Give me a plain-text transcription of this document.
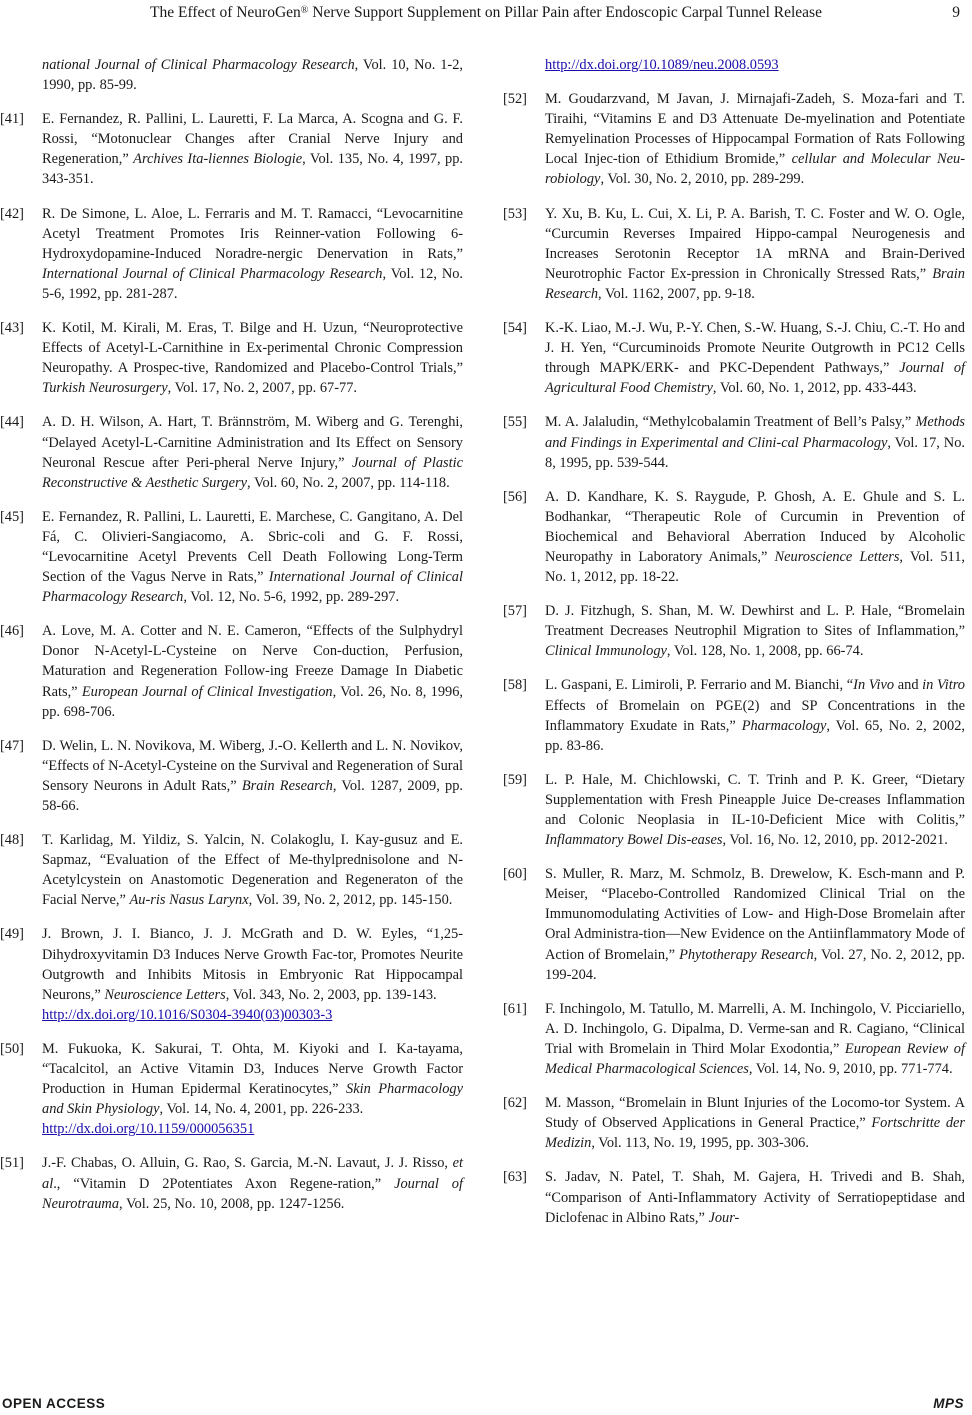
The Effect of NeuroGen® Nerve Support Supplement on Pillar Pain after Endoscopic Carpal Tunnel Release	9
national Journal of Clinical Pharmacology Research, Vol. 10, No. 1-2, 1990, pp. 85-99.
[41] E. Fernandez, R. Pallini, L. Lauretti, F. La Marca, A. Scogna and G. F. Rossi, “Motonuclear Changes after Cranial Nerve Injury and Regeneration,” Archives Ita-liennes Biologie, Vol. 135, No. 4, 1997, pp. 343-351.
[42] R. De Simone, L. Aloe, L. Ferraris and M. T. Ramacci, “Levocarnitine Acetyl Treatment Promotes Iris Reinner-vation Following 6-Hydroxydopamine-Induced Noradre-nergic Denervation in Rats,” International Journal of Clinical Pharmacology Research, Vol. 12, No. 5-6, 1992, pp. 281-287.
[43] K. Kotil, M. Kirali, M. Eras, T. Bilge and H. Uzun, “Neuroprotective Effects of Acetyl-L-Carnithine in Ex-perimental Chronic Compression Neuropathy. A Prospec-tive, Randomized and Placebo-Control Trials,” Turkish Neurosurgery, Vol. 17, No. 2, 2007, pp. 67-77.
[44] A. D. H. Wilson, A. Hart, T. Brännström, M. Wiberg and G. Terenghi, “Delayed Acetyl-L-Carnitine Administration and Its Effect on Sensory Neuronal Rescue after Peri-pheral Nerve Injury,” Journal of Plastic Reconstructive & Aesthetic Surgery, Vol. 60, No. 2, 2007, pp. 114-118.
[45] E. Fernandez, R. Pallini, L. Lauretti, E. Marchese, C. Gangitano, A. Del Fá, C. Olivieri-Sangiacomo, A. Sbric-coli and G. F. Rossi, “Levocarnitine Acetyl Prevents Cell Death Following Long-Term Section of the Vagus Nerve in Rats,” International Journal of Clinical Pharmacology Research, Vol. 12, No. 5-6, 1992, pp. 289-297.
[46] A. Love, M. A. Cotter and N. E. Cameron, “Effects of the Sulphydryl Donor N-Acetyl-L-Cysteine on Nerve Con-duction, Perfusion, Maturation and Regeneration Follow-ing Freeze Damage In Diabetic Rats,” European Journal of Clinical Investigation, Vol. 26, No. 8, 1996, pp. 698-706.
[47] D. Welin, L. N. Novikova, M. Wiberg, J.-O. Kellerth and L. N. Novikov, “Effects of N-Acetyl-Cysteine on the Survival and Regeneration of Sural Sensory Neurons in Adult Rats,” Brain Research, Vol. 1287, 2009, pp. 58-66.
[48] T. Karlidag, M. Yildiz, S. Yalcin, N. Colakoglu, I. Kay-gusuz and E. Sapmaz, “Evaluation of the Effect of Me-thylprednisolone and N-Acetylcystein on Anastomotic Degeneration and Regeneraton of the Facial Nerve,” Au-ris Nasus Larynx, Vol. 39, No. 2, 2012, pp. 145-150.
[49] J. Brown, J. I. Bianco, J. J. McGrath and D. W. Eyles, “1,25-Dihydroxyvitamin D3 Induces Nerve Growth Fac-tor, Promotes Neurite Outgrowth and Inhibits Mitosis in Embryonic Rat Hippocampal Neurons,” Neuroscience Letters, Vol. 343, No. 2, 2003, pp. 139-143.
http://dx.doi.org/10.1016/S0304-3940(03)00303-3
[50] M. Fukuoka, K. Sakurai, T. Ohta, M. Kiyoki and I. Ka-tayama, “Tacalcitol, an Active Vitamin D3, Induces Nerve Growth Factor Production in Human Epidermal Keratinocytes,” Skin Pharmacology and Skin Physiology, Vol. 14, No. 4, 2001, pp. 226-233.
http://dx.doi.org/10.1159/000056351
[51] J.-F. Chabas, O. Alluin, G. Rao, S. Garcia, M.-N. Lavaut, J. J. Risso, et al., “Vitamin D 2Potentiates Axon Regene-ration,” Journal of Neurotrauma, Vol. 25, No. 10, 2008, pp. 1247-1256.
http://dx.doi.org/10.1089/neu.2008.0593
[52] M. Goudarzvand, M Javan, J. Mirnajafi-Zadeh, S. Moza-fari and T. Tiraihi, “Vitamins E and D3 Attenuate De-myelination and Potentiate Remyelination Processes of Hippocampal Formation of Rats Following Local Injec-tion of Ethidium Bromide,” cellular and Molecular Neu-robiology, Vol. 30, No. 2, 2010, pp. 289-299.
[53] Y. Xu, B. Ku, L. Cui, X. Li, P. A. Barish, T. C. Foster and W. O. Ogle, “Curcumin Reverses Impaired Hippo-campal Neurogenesis and Increases Serotonin Receptor 1A mRNA and Brain-Derived Neurotrophic Factor Ex-pression in Chronically Stressed Rats,” Brain Research, Vol. 1162, 2007, pp. 9-18.
[54] K.-K. Liao, M.-J. Wu, P.-Y. Chen, S.-W. Huang, S.-J. Chiu, C.-T. Ho and J. H. Yen, “Curcuminoids Promote Neurite Outgrowth in PC12 Cells through MAPK/ERK- and PKC-Dependent Pathways,” Journal of Agricultural Food Chemistry, Vol. 60, No. 1, 2012, pp. 433-443.
[55] M. A. Jalaludin, “Methylcobalamin Treatment of Bell’s Palsy,” Methods and Findings in Experimental and Clini-cal Pharmacology, Vol. 17, No. 8, 1995, pp. 539-544.
[56] A. D. Kandhare, K. S. Raygude, P. Ghosh, A. E. Ghule and S. L. Bodhankar, “Therapeutic Role of Curcumin in Prevention of Biochemical and Behavioral Aberration Induced by Alcoholic Neuropathy in Laboratory Animals,” Neuroscience Letters, Vol. 511, No. 1, 2012, pp. 18-22.
[57] D. J. Fitzhugh, S. Shan, M. W. Dewhirst and L. P. Hale, “Bromelain Treatment Decreases Neutrophil Migration to Sites of Inflammation,” Clinical Immunology, Vol. 128, No. 1, 2008, pp. 66-74.
[58] L. Gaspani, E. Limiroli, P. Ferrario and M. Bianchi, “In Vivo and in Vitro Effects of Bromelain on PGE(2) and SP Concentrations in the Inflammatory Exudate in Rats,” Pharmacology, Vol. 65, No. 2, 2002, pp. 83-86.
[59] L. P. Hale, M. Chichlowski, C. T. Trinh and P. K. Greer, “Dietary Supplementation with Fresh Pineapple Juice De-creases Inflammation and Colonic Neoplasia in IL-10-Deficient Mice with Colitis,” Inflammatory Bowel Dis-eases, Vol. 16, No. 12, 2010, pp. 2012-2021.
[60] S. Muller, R. Marz, M. Schmolz, B. Drewelow, K. Esch-mann and P. Meiser, “Placebo-Controlled Randomized Clinical Trial on the Immunomodulating Activities of Low- and High-Dose Bromelain after Oral Administra-tion—New Evidence on the Antiinflammatory Mode of Action of Bromelain,” Phytotherapy Research, Vol. 27, No. 2, 2012, pp. 199-204.
[61] F. Inchingolo, M. Tatullo, M. Marrelli, A. M. Inchingolo, V. Picciariello, A. D. Inchingolo, G. Dipalma, D. Verme-san and R. Cagiano, “Clinical Trial with Bromelain in Third Molar Exodontia,” European Review of Medical Pharmacological Sciences, Vol. 14, No. 9, 2010, pp. 771-774.
[62] M. Masson, “Bromelain in Blunt Injuries of the Locomo-tor System. A Study of Observed Applications in General Practice,” Fortschritte der Medizin, Vol. 113, No. 19, 1995, pp. 303-306.
[63] S. Jadav, N. Patel, T. Shah, M. Gajera, H. Trivedi and B. Shah, “Comparison of Anti-Inflammatory Activity of Serratiopeptidase and Diclofenac in Albino Rats,” Jour-
OPEN ACCESS	MPS
